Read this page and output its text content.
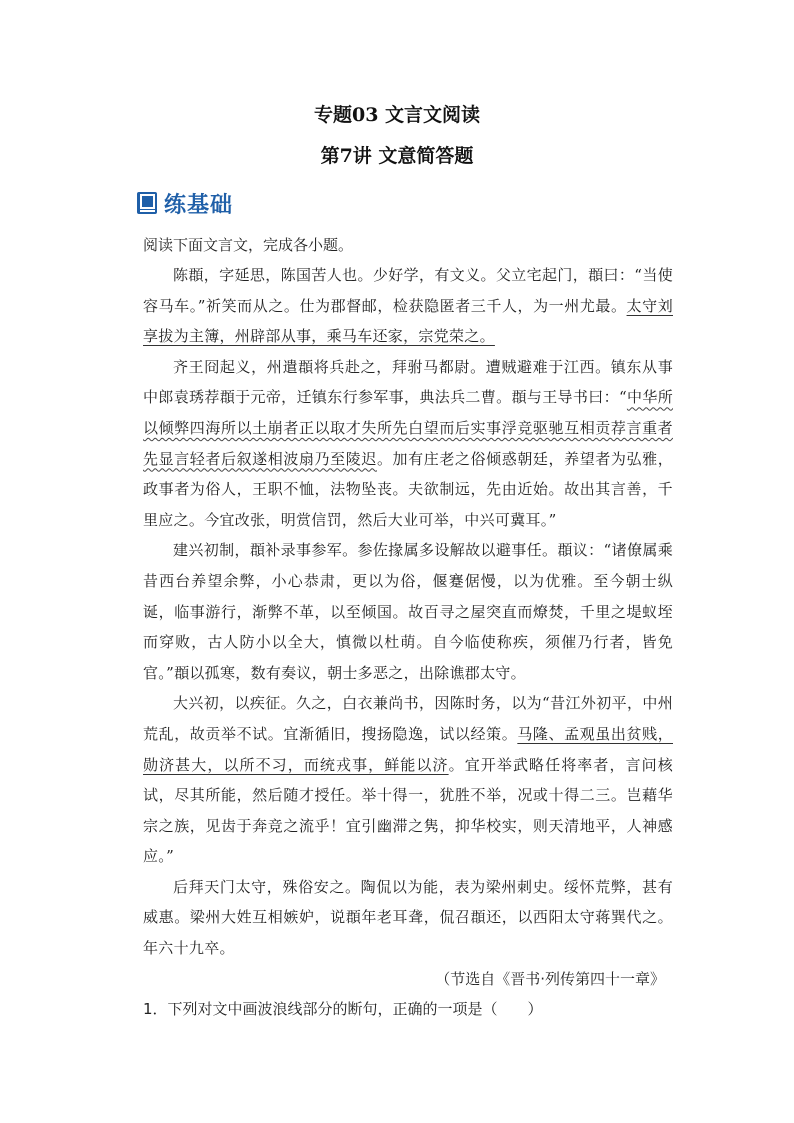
专题03 文言文阅读
第7讲 文意简答题
练基础

阅读下面文言文，完成各小题。

陈頵，字延思，陈国苦人也。少好学，有文义。父立宅起门，頵曰：“当使容马车。”祈笑而从之。仕为郡督邮，检获隐匿者三千人，为一州尤最。太守刘享拔为主簿，州辟部从事，乘马车还家，宗党荣之。

齐王冏起义，州遣頵将兵赴之，拜驸马都尉。遭贼避难于江西。镇东从事中郎袁琇荐頵于元帝，迁镇东行参军事，典法兵二曹。頵与王导书曰：“中华所以倾弊四海所以土崩者正以取才失所先白望而后实事浮竞驱驰互相贡荐言重者先显言轻者后叙遂相波扇乃至陵迟。加有庄老之俗倾惑朝廷，养望者为弘雅，政事者为俗人，王职不恤，法物坠丧。夫欲制远，先由近始。故出其言善，千里应之。今宜改张，明赏信罚，然后大业可举，中兴可冀耳。”

建兴初制，頵补录事参军。参佐掾属多设解故以避事任。頵议：“诸僚属乘昔西台养望余弊，小心恭肃，更以为俗，偃蹇倨慢，以为优雅。至今朝士纵诞，临事游行，渐弊不革，以至倾国。故百寻之屋突直而燎焚，千里之堤蚁垤而穿败，古人防小以全大，慎微以杜萌。自今临使称疾，须催乃行者，皆免官。”頵以孤寒，数有奏议，朝士多恶之，出除谯郡太守。

大兴初，以疾征。久之，白衣兼尚书，因陈时务，以为“昔江外初平，中州荒乱，故贡举不试。宜渐循旧，搜扬隐逸，试以经策。马隆、孟观虽出贫贱，勋济甚大，以所不习，而统戎事，鲜能以济。宜开举武略任将率者，言问核试，尽其所能，然后随才授任。举十得一，犹胜不举，况或十得二三。岂藉华宗之族，见齿于奔竞之流乎！宜引幽滞之隽，抑华校实，则天清地平，人神感应。”

后拜天门太守，殊俗安之。陶侃以为能，表为梁州刺史。绥怀荒弊，甚有威惠。梁州大姓互相嫉妒，说頵年老耳聋，侃召頵还，以西阳太守蒋巽代之。年六十九卒。

（节选自《晋书·列传第四十一章》

1．下列对文中画波浪线部分的断句，正确的一项是（　　）
